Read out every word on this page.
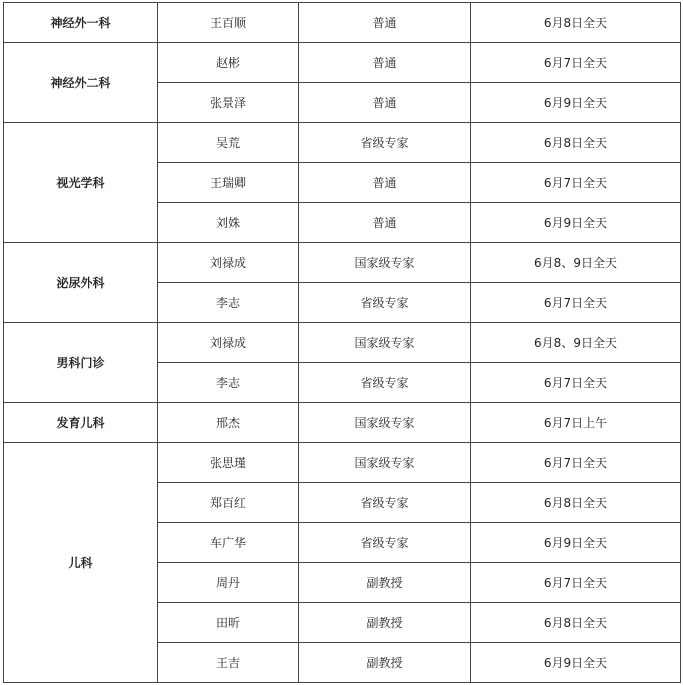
神经外一科	王百顺	普通	6月8日全天
神经外二科	赵彬	普通	6月7日全天
	张景泽	普通	6月9日全天
视光学科	吴荒	省级专家	6月8日全天
	王瑞卿	普通	6月7日全天
	刘姝	普通	6月9日全天
泌尿外科	刘禄成	国家级专家	6月8、9日全天
	李志	省级专家	6月7日全天
男科门诊	刘禄成	国家级专家	6月8、9日全天
	李志	省级专家	6月7日全天
发育儿科	邢杰	国家级专家	6月7日上午
儿科	张思瑾	国家级专家	6月7日全天
	郑百红	省级专家	6月8日全天
	车广华	省级专家	6月9日全天
	周丹	副教授	6月7日全天
	田昕	副教授	6月8日全天
	王吉	副教授	6月9日全天
